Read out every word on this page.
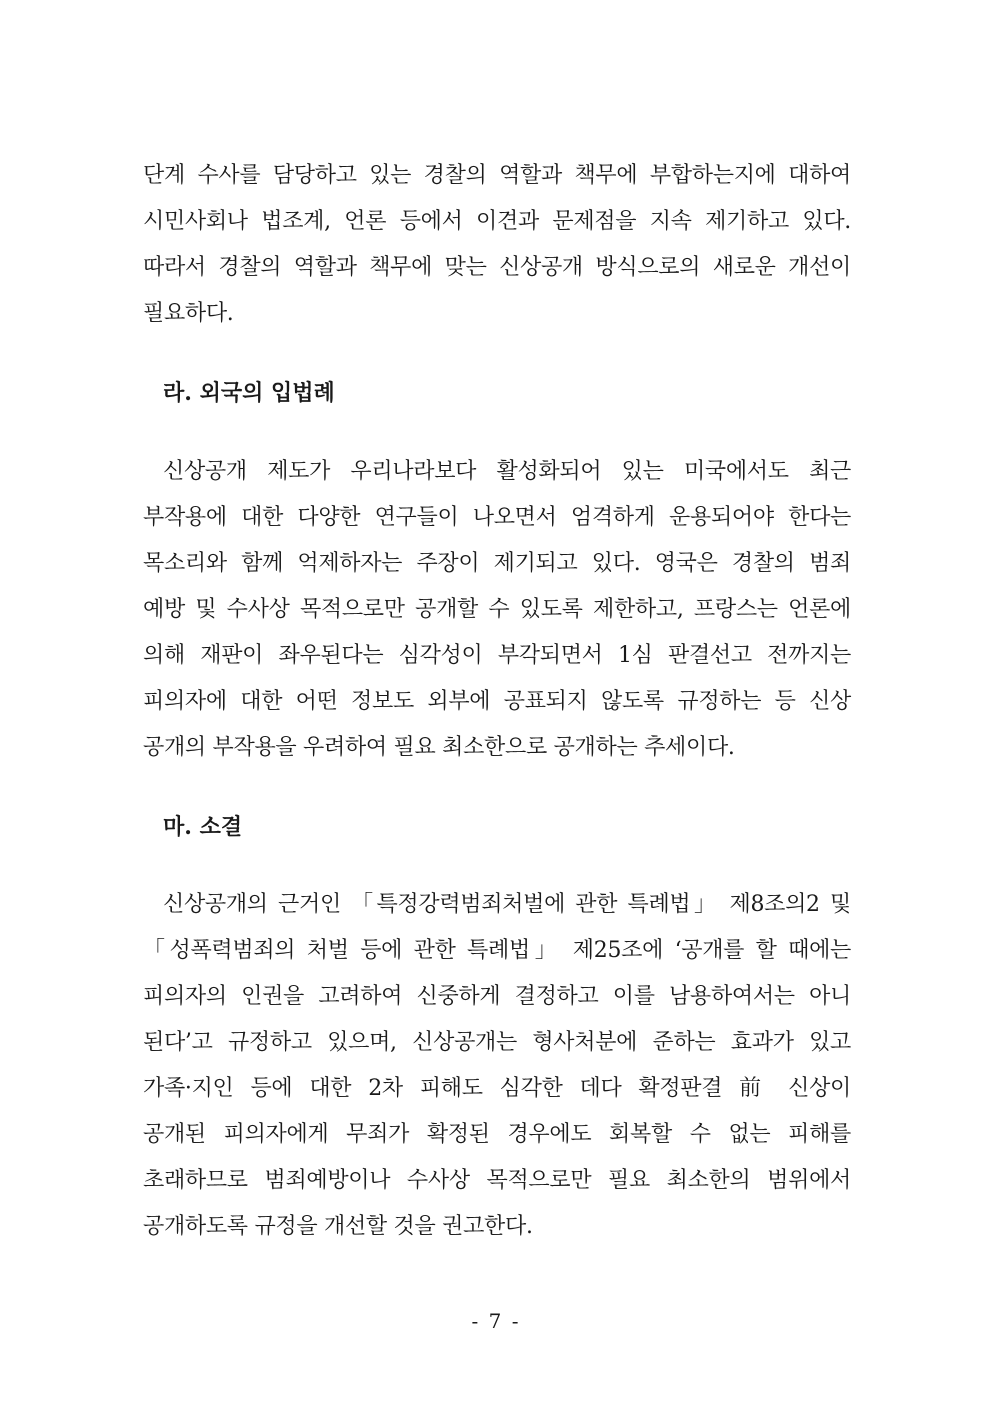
단계 수사를 담당하고 있는 경찰의 역할과 책무에 부합하는지에 대하여
시민사회나 법조계, 언론 등에서 이견과 문제점을 지속 제기하고 있다.
따라서 경찰의 역할과 책무에 맞는 신상공개 방식으로의 새로운 개선이
필요하다.
라. 외국의 입법례
신상공개 제도가 우리나라보다 활성화되어 있는 미국에서도 최근
부작용에 대한 다양한 연구들이 나오면서 엄격하게 운용되어야 한다는
목소리와 함께 억제하자는 주장이 제기되고 있다. 영국은 경찰의 범죄
예방 및 수사상 목적으로만 공개할 수 있도록 제한하고, 프랑스는 언론에
의해 재판이 좌우된다는 심각성이 부각되면서 1심 판결선고 전까지는
피의자에 대한 어떤 정보도 외부에 공표되지 않도록 규정하는 등 신상
공개의 부작용을 우려하여 필요 최소한으로 공개하는 추세이다.
마. 소결
신상공개의 근거인 「특정강력범죄처벌에 관한 특례법」 제8조의2 및
「성폭력범죄의 처벌 등에 관한 특례법」 제25조에 ‘공개를 할 때에는
피의자의 인권을 고려하여 신중하게 결정하고 이를 남용하여서는 아니
된다’고 규정하고 있으며, 신상공개는 형사처분에 준하는 효과가 있고
가족·지인 등에 대한 2차 피해도 심각한 데다 확정판결 前 신상이
공개된 피의자에게 무죄가 확정된 경우에도 회복할 수 없는 피해를
초래하므로 범죄예방이나 수사상 목적으로만 필요 최소한의 범위에서
공개하도록 규정을 개선할 것을 권고한다.
- 7 -
